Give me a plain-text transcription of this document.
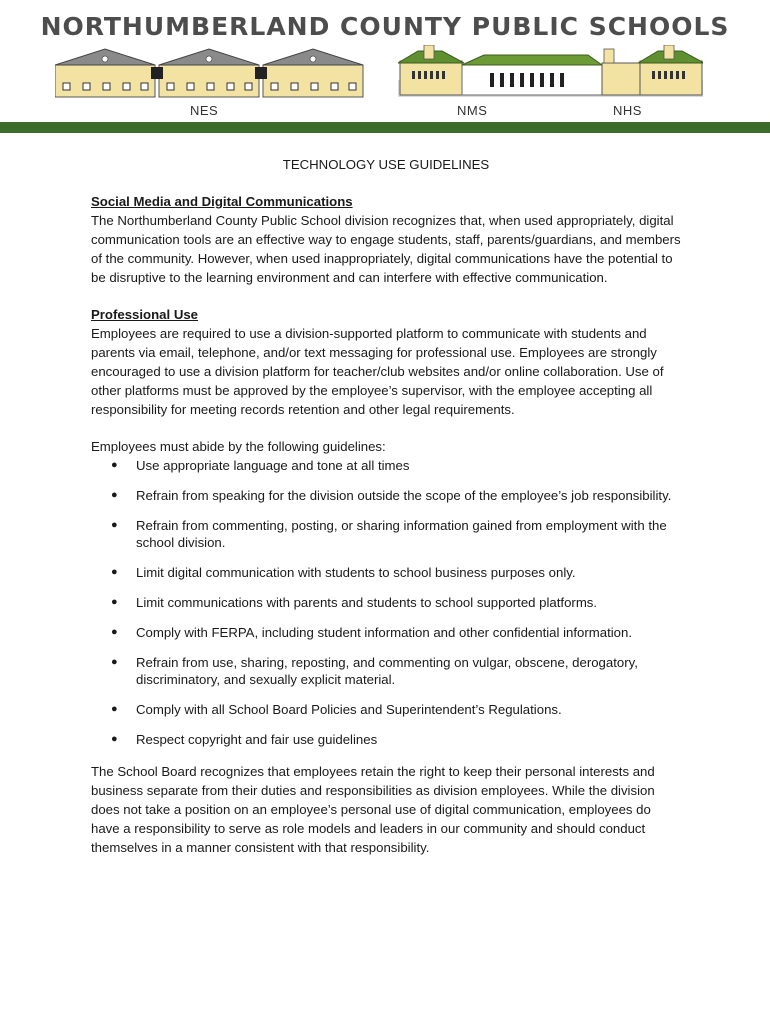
NORTHUMBERLAND COUNTY PUBLIC SCHOOLS
NES	NMS	NHS
TECHNOLOGY USE GUIDELINES

Social Media and Digital Communications

The Northumberland County Public School division recognizes that, when used appropriately, digital communication tools are an effective way to engage students, staff, parents/guardians, and members of the community. However, when used inappropriately, digital communications have the potential to be disruptive to the learning environment and can interfere with effective communication.

Professional Use

Employees are required to use a division-supported platform to communicate with students and parents via email, telephone, and/or text messaging for professional use. Employees are strongly encouraged to use a division platform for teacher/club websites and/or online collaboration. Use of other platforms must be approved by the employee’s supervisor, with the employee accepting all responsibility for meeting records retention and other legal requirements.

Employees must abide by the following guidelines:

● Use appropriate language and tone at all times
● Refrain from speaking for the division outside the scope of the employee’s job responsibility.
● Refrain from commenting, posting, or sharing information gained from employment with the school division.
● Limit digital communication with students to school business purposes only.
● Limit communications with parents and students to school supported platforms.
● Comply with FERPA, including student information and other confidential information.
● Refrain from use, sharing, reposting, and commenting on vulgar, obscene, derogatory, discriminatory, and sexually explicit material.
● Comply with all School Board Policies and Superintendent’s Regulations.
● Respect copyright and fair use guidelines

The School Board recognizes that employees retain the right to keep their personal interests and business separate from their duties and responsibilities as division employees. While the division does not take a position on an employee’s personal use of digital communication, employees do have a responsibility to serve as role models and leaders in our community and should conduct themselves in a manner consistent with that responsibility.
